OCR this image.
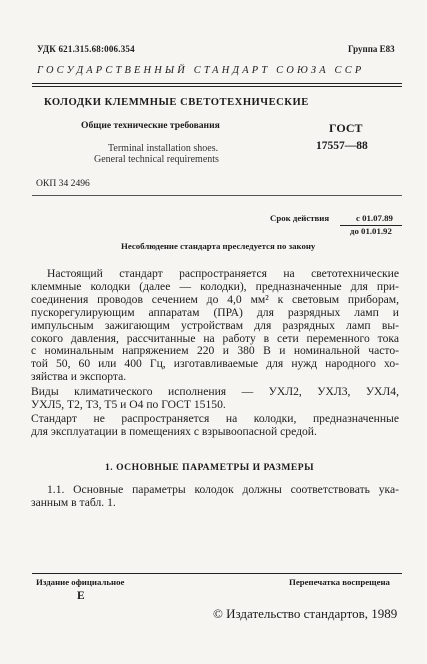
УДК 621.315.68:006.354	Группа Е83
ГОСУДАРСТВЕННЫЙ СТАНДАРТ СОЮЗА ССР
КОЛОДКИ КЛЕММНЫЕ СВЕТОТЕХНИЧЕСКИЕ
Общие технические требования	ГОСТ
Terminal installation shoes.	17557—88
General technical requirements
ОКП 34 2496
Срок действия	с 01.07.89
до 01.01.92
Несоблюдение стандарта преследуется по закону
Настоящий стандарт распространяется на светотехнические
клеммные колодки (далее — колодки), предназначенные для при-
соединения проводов сечением до 4,0 мм² к световым приборам,
пускорегулирующим аппаратам (ПРА) для разрядных ламп и
импульсным зажигающим устройствам для разрядных ламп вы-
сокого давления, рассчитанные на работу в сети переменного тока
с номинальным напряжением 220 и 380 В и номинальной часто-
той 50, 60 или 400 Гц, изготавливаемые для нужд народного хо-
зяйства и экспорта.
Виды климатического исполнения — УХЛ2, УХЛ3, УХЛ4,
УХЛ5, Т2, Т3, Т5 и О4 по ГОСТ 15150.
Стандарт не распространяется на колодки, предназначенные
для эксплуатации в помещениях с взрывоопасной средой.
1. ОСНОВНЫЕ ПАРАМЕТРЫ И РАЗМЕРЫ
1.1. Основные параметры колодок должны соответствовать ука-
занным в табл. 1.
Издание официальное	Перепечатка воспрещена
Е
© Издательство стандартов, 1989
